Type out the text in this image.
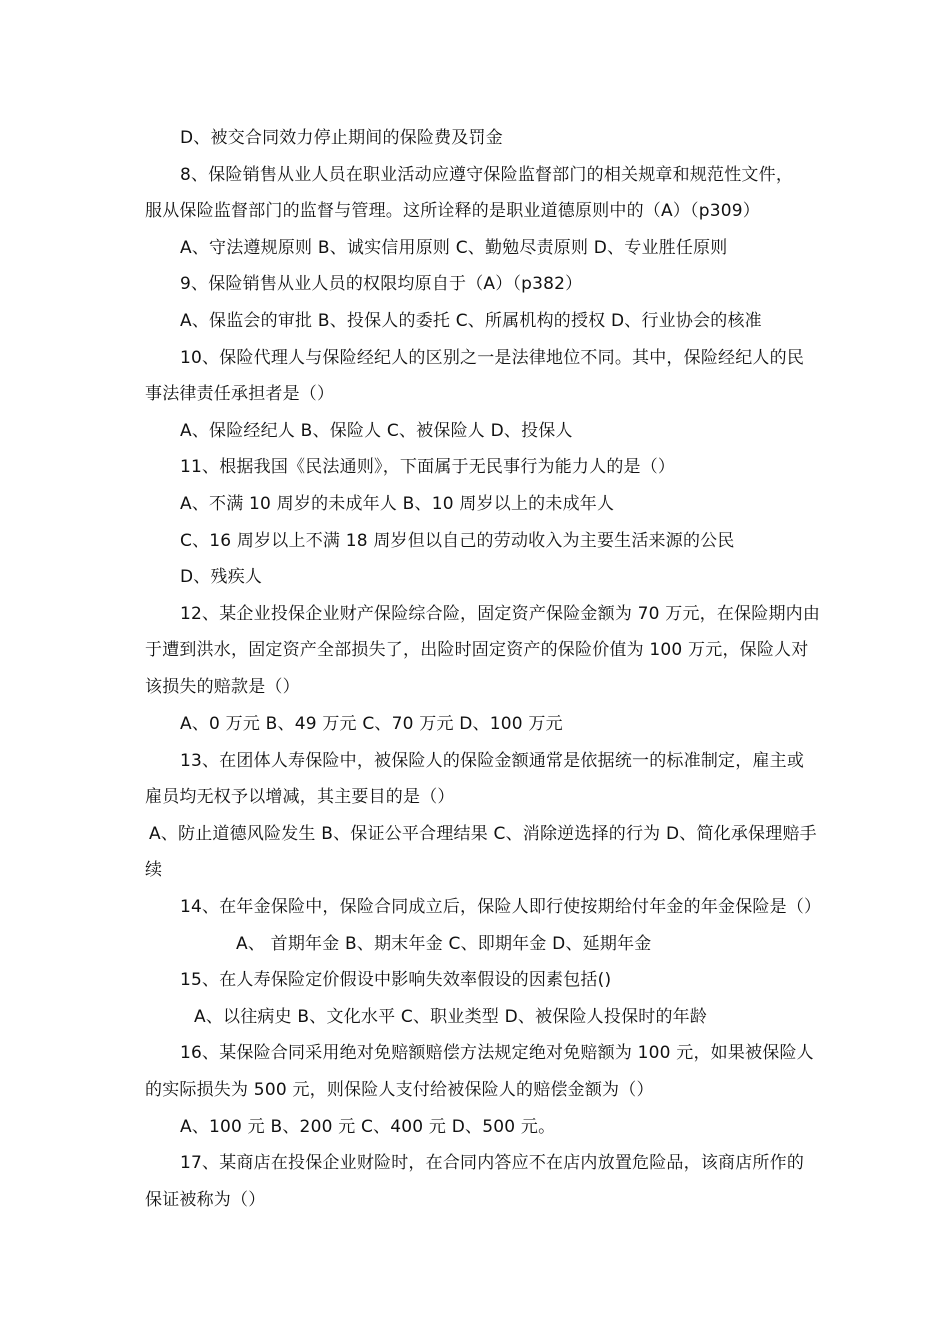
D、被交合同效力停止期间的保险费及罚金

8、保险销售从业人员在职业活动应遵守保险监督部门的相关规章和规范性文件，

服从保险监督部门的监督与管理。这所诠释的是职业道德原则中的（A）（p309）

A、守法遵规原则 B、诚实信用原则 C、勤勉尽责原则 D、专业胜任原则

9、保险销售从业人员的权限均原自于（A）（p382）

A、保监会的审批 B、投保人的委托 C、所属机构的授权 D、行业协会的核准

10、保险代理人与保险经纪人的区别之一是法律地位不同。其中，保险经纪人的民

事法律责任承担者是（）

A、保险经纪人 B、保险人 C、被保险人 D、投保人

11、根据我国《民法通则》，下面属于无民事行为能力人的是（）

A、不满 10 周岁的未成年人 B、10 周岁以上的未成年人

C、16 周岁以上不满 18 周岁但以自己的劳动收入为主要生活来源的公民

D、残疾人

12、某企业投保企业财产保险综合险，固定资产保险金额为 70 万元，在保险期内由

于遭到洪水，固定资产全部损失了，出险时固定资产的保险价值为 100 万元，保险人对

该损失的赔款是（）

A、0 万元 B、49 万元 C、70 万元 D、100 万元

13、在团体人寿保险中，被保险人的保险金额通常是依据统一的标准制定，雇主或

雇员均无权予以增减，其主要目的是（）

A、防止道德风险发生 B、保证公平合理结果 C、消除逆选择的行为 D、简化承保理赔手

续

14、在年金保险中，保险合同成立后，保险人即行使按期给付年金的年金保险是（）

A、 首期年金 B、期末年金 C、即期年金 D、延期年金

15、在人寿保险定价假设中影响失效率假设的因素包括()

A、以往病史 B、文化水平 C、职业类型 D、被保险人投保时的年龄

16、某保险合同采用绝对免赔额赔偿方法规定绝对免赔额为 100 元，如果被保险人

的实际损失为 500 元，则保险人支付给被保险人的赔偿金额为（）

A、100 元 B、200 元 C、400 元 D、500 元。

17、某商店在投保企业财险时，在合同内答应不在店内放置危险品，该商店所作的

保证被称为（）
